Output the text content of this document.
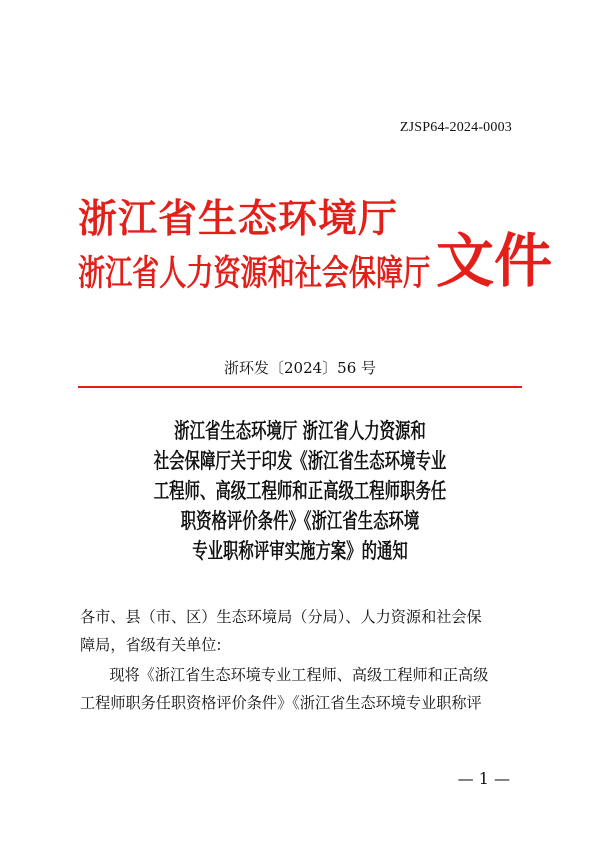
ZJSP64-2024-0003
浙江省生态环境厅
浙江省人力资源和社会保障厅 文件
浙环发〔2024〕56 号
浙江省生态环境厅 浙江省人力资源和
社会保障厅关于印发《浙江省生态环境专业
工程师、高级工程师和正高级工程师职务任
职资格评价条件》《浙江省生态环境
专业职称评审实施方案》的通知
各市、县（市、区）生态环境局（分局）、人力资源和社会保
障局，省级有关单位:
现将《浙江省生态环境专业工程师、高级工程师和正高级
工程师职务任职资格评价条件》《浙江省生态环境专业职称评
— 1 —
